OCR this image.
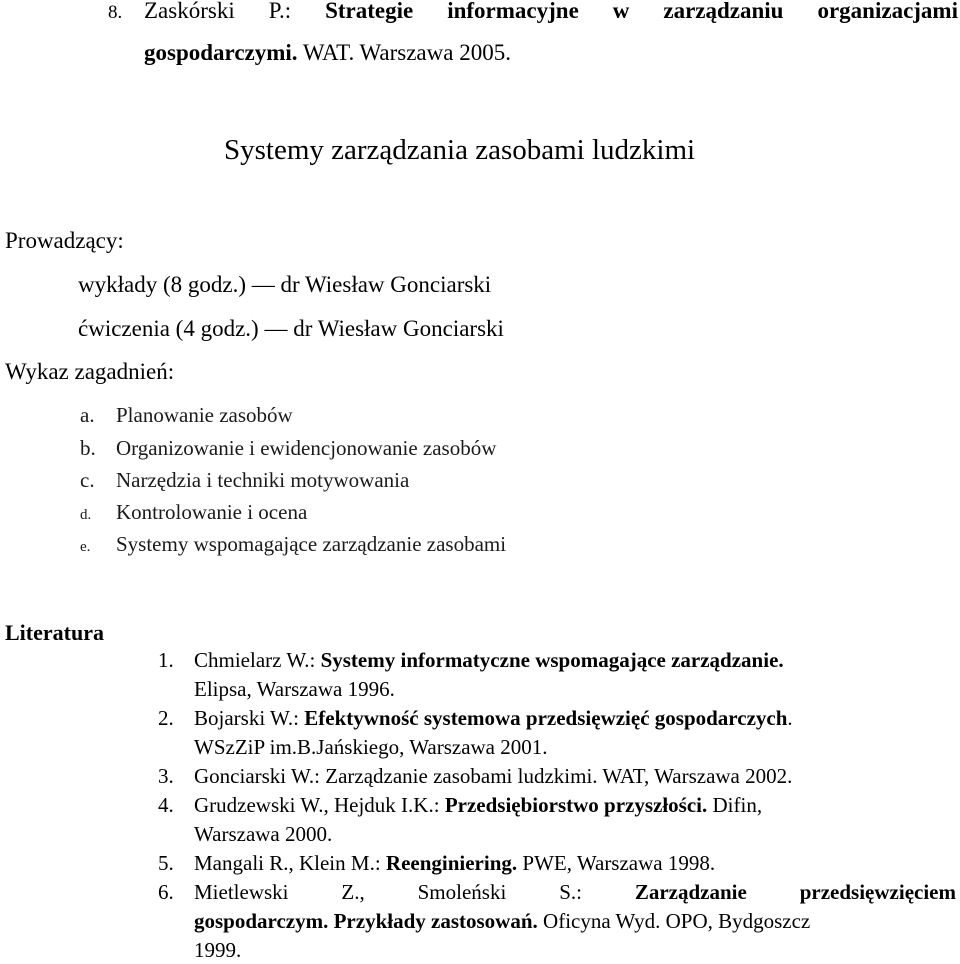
8. Zaskórski P.: Strategie informacyjne w zarządzaniu organizacjami
gospodarczymi. WAT. Warszawa 2005.
Systemy zarządzania zasobami ludzkimi
Prowadzący:
wykłady (8 godz.) — dr Wiesław Gonciarski
ćwiczenia (4 godz.) — dr Wiesław Gonciarski
Wykaz zagadnień:
a. Planowanie zasobów
b. Organizowanie i ewidencjonowanie zasobów
c. Narzędzia i techniki motywowania
d. Kontrolowanie i ocena
e. Systemy wspomagające zarządzanie zasobami
Literatura
1. Chmielarz W.: Systemy informatyczne wspomagające zarządzanie.
Elipsa, Warszawa 1996.
2. Bojarski W.: Efektywność systemowa przedsięwzięć gospodarczych.
WSzZiP im.B.Jańskiego, Warszawa 2001.
3. Gonciarski W.: Zarządzanie zasobami ludzkimi. WAT, Warszawa 2002.
4. Grudzewski W., Hejduk I.K.: Przedsiębiorstwo przyszłości. Difin,
Warszawa 2000.
5. Mangali R., Klein M.: Reenginiering. PWE, Warszawa 1998.
6. Mietlewski	Z.,	Smoleński	S.:	Zarządzanie	przedsięwzięciem
gospodarczym. Przykłady zastosowań. Oficyna Wyd. OPO, Bydgoszcz
1999.
